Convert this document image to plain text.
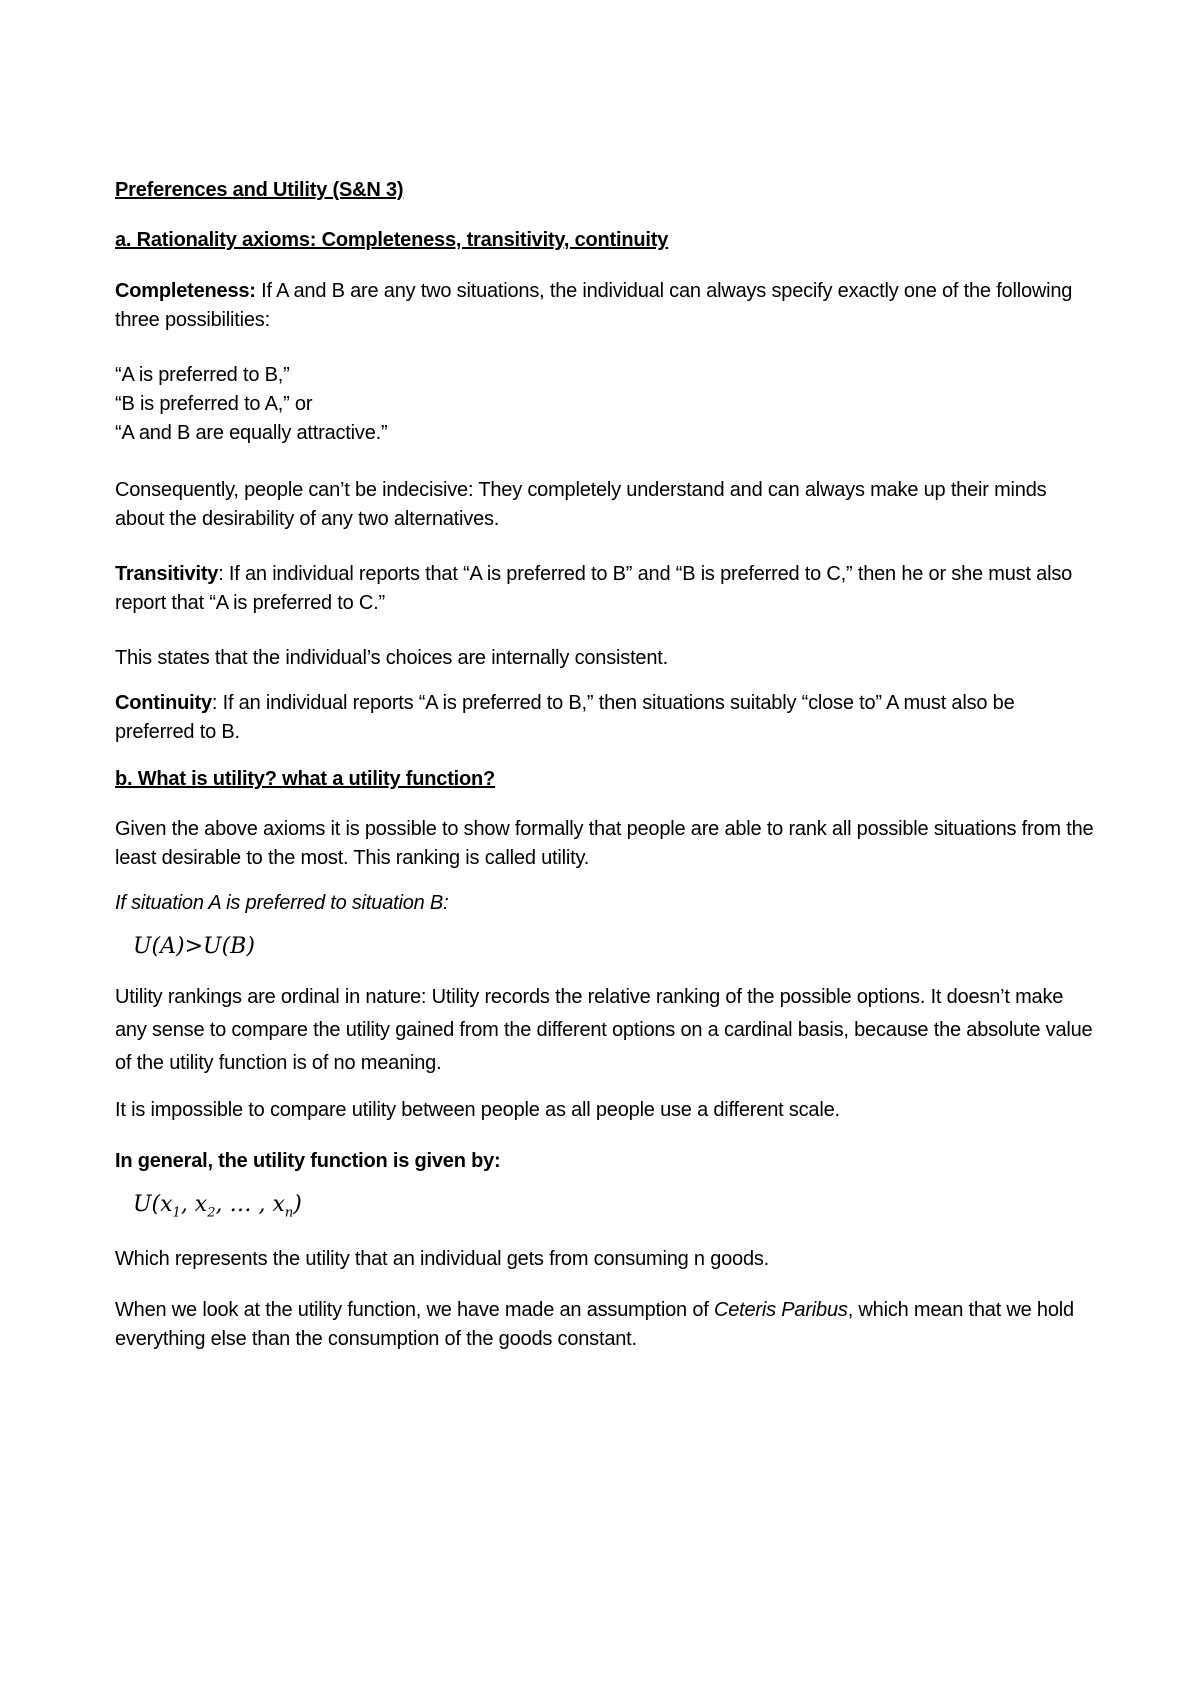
Preferences and Utility (S&N 3)

a. Rationality axioms: Completeness, transitivity, continuity

Completeness: If A and B are any two situations, the individual can always specify exactly one of the following three possibilities:

“A is preferred to B,”

“B is preferred to A,” or

“A and B are equally attractive.”

Consequently, people can’t be indecisive: They completely understand and can always make up their minds about the desirability of any two alternatives.

Transitivity: If an individual reports that “A is preferred to B” and “B is preferred to C,” then he or she must also report that “A is preferred to C.”

This states that the individual’s choices are internally consistent.

Continuity: If an individual reports “A is preferred to B,” then situations suitably “close to” A must also be preferred to B.

b. What is utility? what a utility function?

Given the above axioms it is possible to show formally that people are able to rank all possible situations from the least desirable to the most. This ranking is called utility.

If situation A is preferred to situation B:

U(A)>U(B)

Utility rankings are ordinal in nature: Utility records the relative ranking of the possible options. It doesn’t make any sense to compare the utility gained from the different options on a cardinal basis, because the absolute value of the utility function is of no meaning.

It is impossible to compare utility between people as all people use a different scale.

In general, the utility function is given by:

$U(x_1$, $x_2$, … , $x_n$)

Which represents the utility that an individual gets from consuming n goods.

When we look at the utility function, we have made an assumption of Ceteris Paribus, which mean that we hold everything else than the consumption of the goods constant.
